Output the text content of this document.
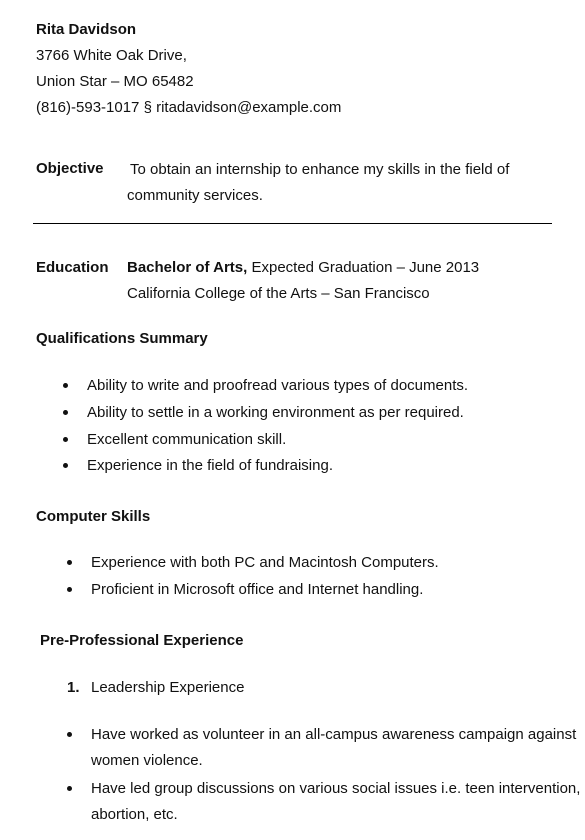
Rita Davidson
3766 White Oak Drive,
Union Star – MO 65482
(816)-593-1017 § ritadavidson@example.com
Objective To obtain an internship to enhance my skills in the field of
community services.
Education Bachelor of Arts, Expected Graduation – June 2013
California College of the Arts – San Francisco
Qualifications Summary
Ability to write and proofread various types of documents.
Ability to settle in a working environment as per required.
Excellent communication skill.
Experience in the field of fundraising.
Computer Skills
Experience with both PC and Macintosh Computers.
Proficient in Microsoft office and Internet handling.
Pre-Professional Experience
1. Leadership Experience
Have worked as volunteer in an all-campus awareness campaign against
women violence.
Have led group discussions on various social issues i.e. teen intervention,
abortion, etc.
